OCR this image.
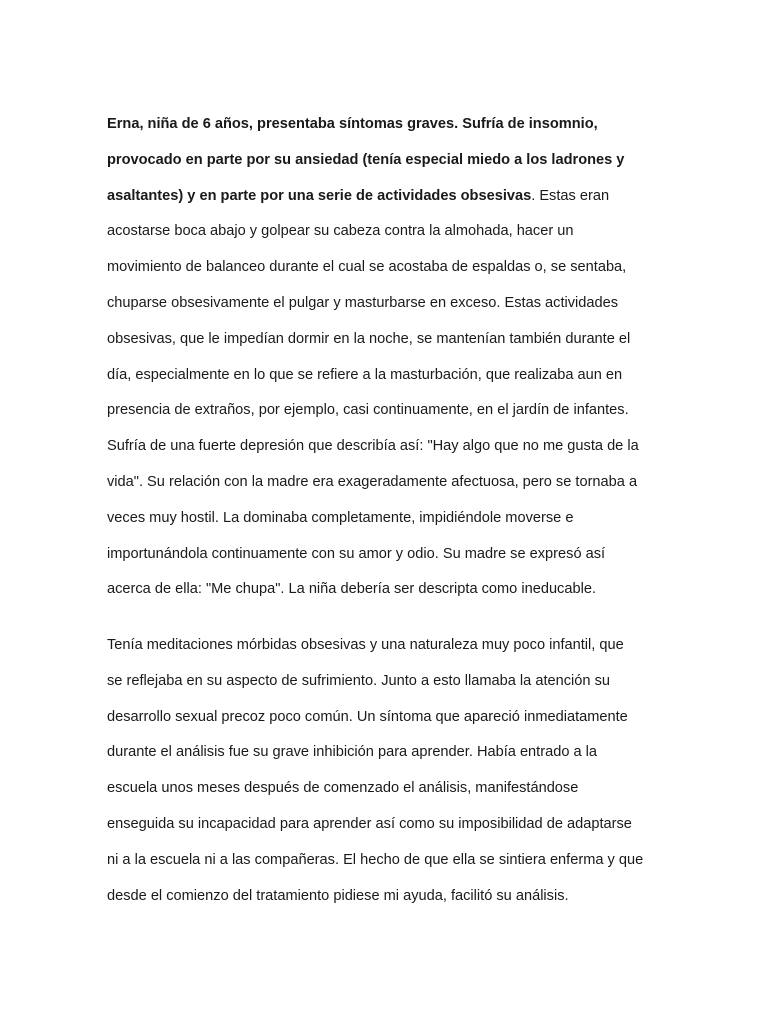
Erna, niña de 6 años, presentaba síntomas graves. Sufría de insomnio,
provocado en parte por su ansiedad (tenía especial miedo a los ladrones y
asaltantes) y en parte por una serie de actividades obsesivas. Estas eran
acostarse boca abajo y golpear su cabeza contra la almohada, hacer un
movimiento de balanceo durante el cual se acostaba de espaldas o, se sentaba,
chuparse obsesivamente el pulgar y masturbarse en exceso. Estas actividades
obsesivas, que le impedían dormir en la noche, se mantenían también durante el
día, especialmente en lo que se refiere a la masturbación, que realizaba aun en
presencia de extraños, por ejemplo, casi continuamente, en el jardín de infantes.
Sufría de una fuerte depresión que describía así: "Hay algo que no me gusta de la
vida". Su relación con la madre era exageradamente afectuosa, pero se tornaba a
veces muy hostil. La dominaba completamente, impidiéndole moverse e
importunándola continuamente con su amor y odio. Su madre se expresó así
acerca de ella: "Me chupa". La niña debería ser descripta como ineducable.
Tenía meditaciones mórbidas obsesivas y una naturaleza muy poco infantil, que
se reflejaba en su aspecto de sufrimiento. Junto a esto llamaba la atención su
desarrollo sexual precoz poco común. Un síntoma que apareció inmediatamente
durante el análisis fue su grave inhibición para aprender. Había entrado a la
escuela unos meses después de comenzado el análisis, manifestándose
enseguida su incapacidad para aprender así como su imposibilidad de adaptarse
ni a la escuela ni a las compañeras. El hecho de que ella se sintiera enferma y que
desde el comienzo del tratamiento pidiese mi ayuda, facilitó su análisis.
